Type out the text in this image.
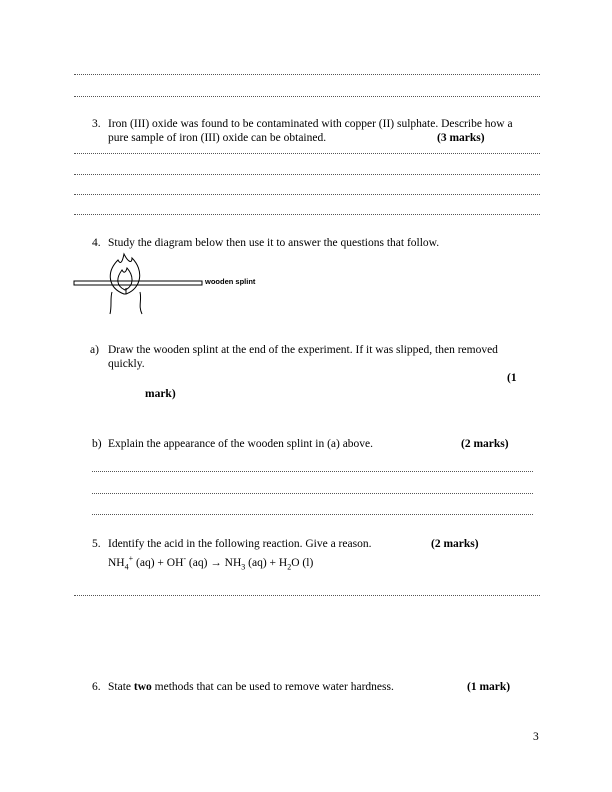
3. Iron (III) oxide was found to be contaminated with copper (II) sulphate. Describe how a
pure sample of iron (III) oxide can be obtained.	(3 marks)
4. Study the diagram below then use it to answer the questions that follow.
wooden splint
a) Draw the wooden splint at the end of the experiment. If it was slipped, then removed
quickly.
(1
mark)
b) Explain the appearance of the wooden splint in (a) above.	(2 marks)
5. Identify the acid in the following reaction. Give a reason.	(2 marks)
$NH_4^+$ (aq) + OH- $(aq) \to NH_3$ $(aq) + H_2O$ (l)
6. State two methods that can be used to remove water hardness.	(1 mark)
3
